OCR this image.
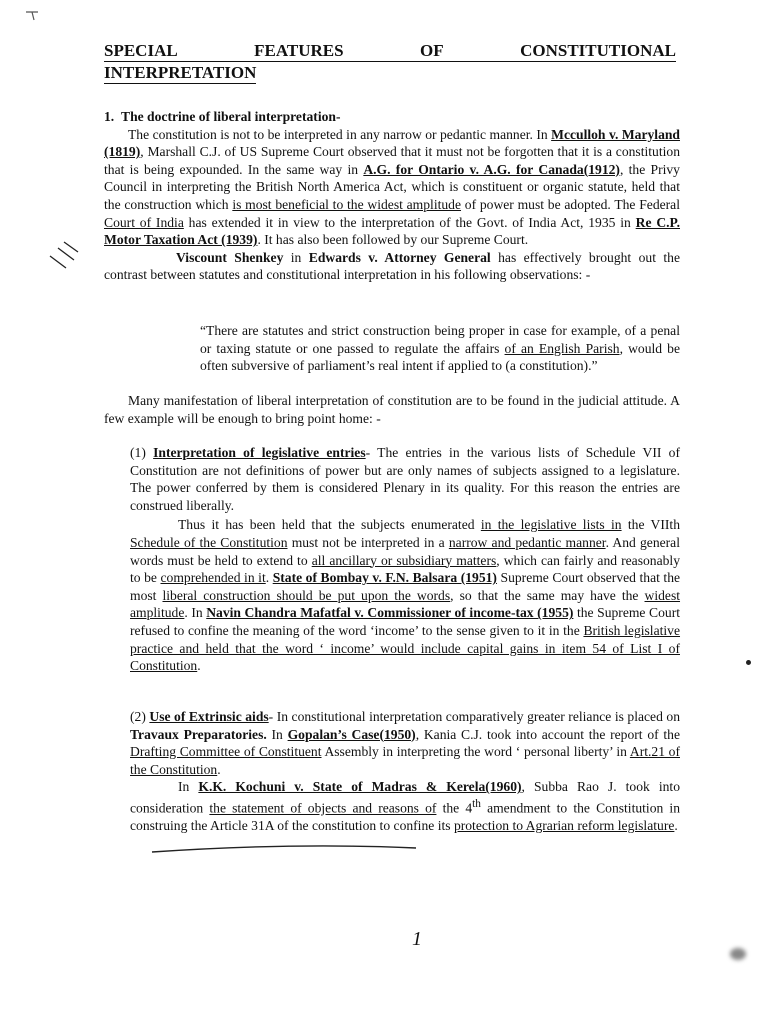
SPECIAL	FEATURES	OF	CONSTITUTIONAL
INTERPRETATION
1. The doctrine of liberal interpretation-
The constitution is not to be interpreted in any narrow or pedantic manner. In Mcculloh v. Maryland (1819), Marshall C.J. of US Supreme Court observed that it must not be forgotten that it is a constitution that is being expounded. In the same way in A.G. for Ontario v. A.G. for Canada(1912), the Privy Council in interpreting the British North America Act, which is constituent or organic statute, held that the construction which is most beneficial to the widest amplitude of power must be adopted. The Federal Court of India has extended it in view to the interpretation of the Govt. of India Act, 1935 in Re C.P. Motor Taxation Act (1939). It has also been followed by our Supreme Court.
Viscount Shenkey in Edwards v. Attorney General has effectively brought out the contrast between statutes and constitutional interpretation in his following observations: -
“There are statutes and strict construction being proper in case for example, of a penal or taxing statute or one passed to regulate the affairs of an English Parish, would be often subversive of parliament’s real intent if applied to (a constitution).”
Many manifestation of liberal interpretation of constitution are to be found in the judicial attitude. A few example will be enough to bring point home: -
(1) Interpretation of legislative entries- The entries in the various lists of Schedule VII of Constitution are not definitions of power but are only names of subjects assigned to a legislature. The power conferred by them is considered Plenary in its quality. For this reason the entries are construed liberally.
Thus it has been held that the subjects enumerated in the legislative lists in the VIIth Schedule of the Constitution must not be interpreted in a narrow and pedantic manner. And general words must be held to extend to all ancillary or subsidiary matters, which can fairly and reasonably to be comprehended in it. State of Bombay v. F.N. Balsara (1951) Supreme Court observed that the most liberal construction should be put upon the words, so that the same may have the widest amplitude. In Navin Chandra Mafatfal v. Commissioner of income-tax (1955) the Supreme Court refused to confine the meaning of the word ‘income’ to the sense given to it in the British legislative practice and held that the word ‘ income’ would include capital gains in item 54 of List I of Constitution.
(2) Use of Extrinsic aids- In constitutional interpretation comparatively greater reliance is placed on Travaux Preparatories. In Gopalan’s Case(1950), Kania C.J. took into account the report of the Drafting Committee of Constituent Assembly in interpreting the word ‘ personal liberty’ in Art.21 of the Constitution.
In K.K. Kochuni v. State of Madras & Kerela(1960), Subba Rao J. took into consideration the statement of objects and reasons of the 4th amendment to the Constitution in construing the Article 31A of the constitution to confine its protection to Agrarian reform legislature.
1
